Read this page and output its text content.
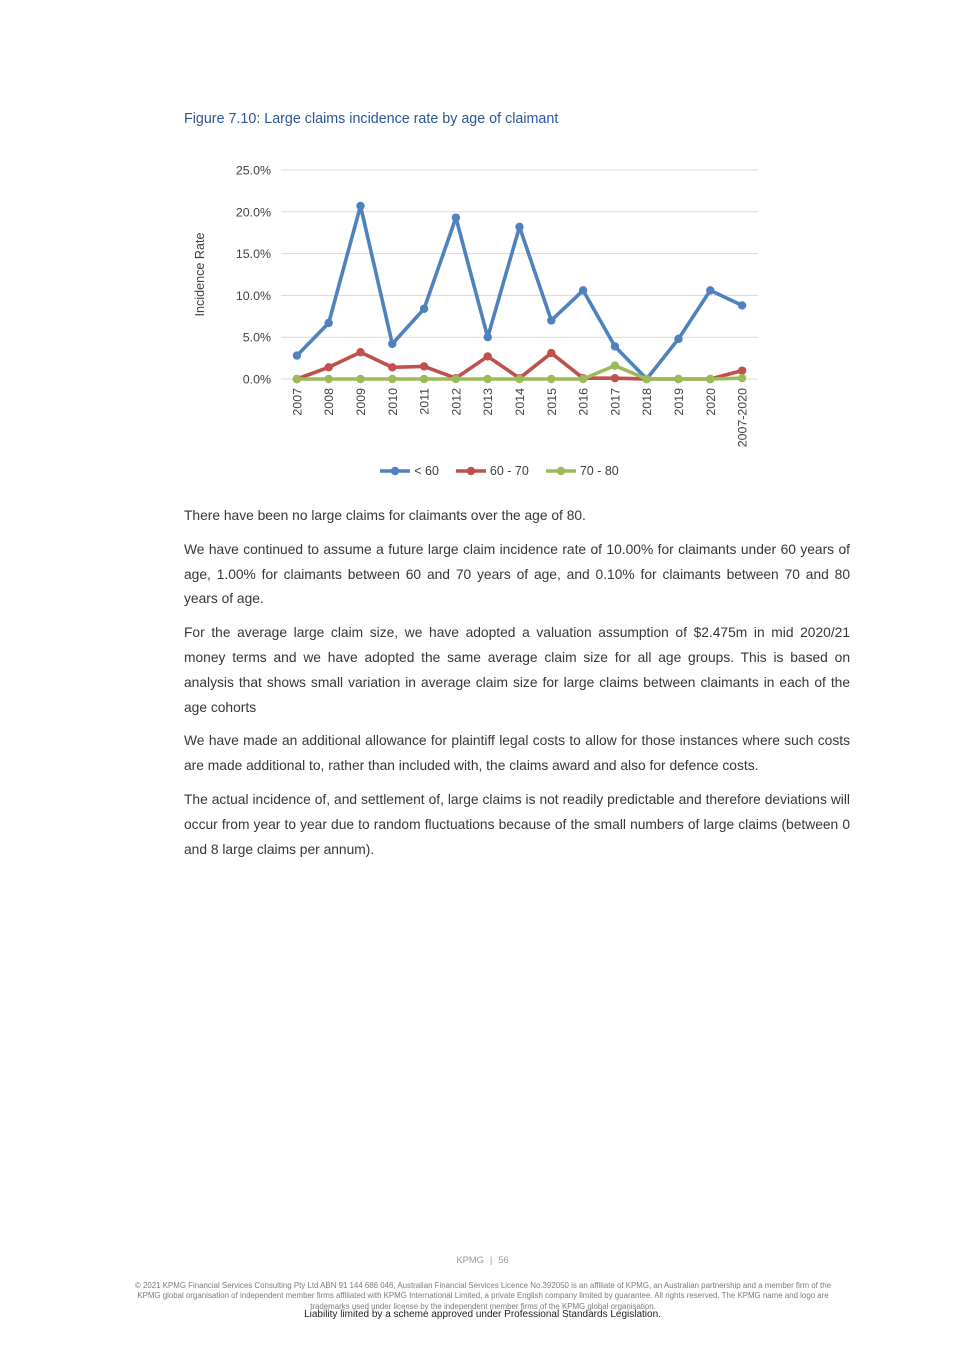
Figure 7.10: Large claims incidence rate by age of claimant
0.0%
5.0%
10.0%
15.0%
20.0%
25.0%
2007 2008 2009 2010 2011 2012 2013 2014 2015 2016 2017 2018 2019 2020 2007-2020
Incidence Rate
< 60	60 - 70	70 - 80

There have been no large claims for claimants over the age of 80.

We have continued to assume a future large claim incidence rate of 10.00% for claimants under 60 years of age, 1.00% for claimants between 60 and 70 years of age, and 0.10% for claimants between 70 and 80 years of age.

For the average large claim size, we have adopted a valuation assumption of $2.475m in mid 2020/21 money terms and we have adopted the same average claim size for all age groups. This is based on analysis that shows small variation in average claim size for large claims between claimants in each of the age cohorts

We have made an additional allowance for plaintiff legal costs to allow for those instances where such costs are made additional to, rather than included with, the claims award and also for defence costs.

The actual incidence of, and settlement of, large claims is not readily predictable and therefore deviations will occur from year to year due to random fluctuations because of the small numbers of large claims (between 0 and 8 large claims per annum).

KPMG | 56
© 2021 KPMG Financial Services Consulting Pty Ltd ABN 91 144 686 046, Australian Financial Services Licence No.392050 is an affiliate of KPMG, an Australian partnership and a member firm of the KPMG global organisation of independent member firms affiliated with KPMG International Limited, a private English company limited by guarantee. All rights reserved. The KPMG name and logo are trademarks used under license by the independent member firms of the KPMG global organisation.
Liability limited by a scheme approved under Professional Standards Legislation.
